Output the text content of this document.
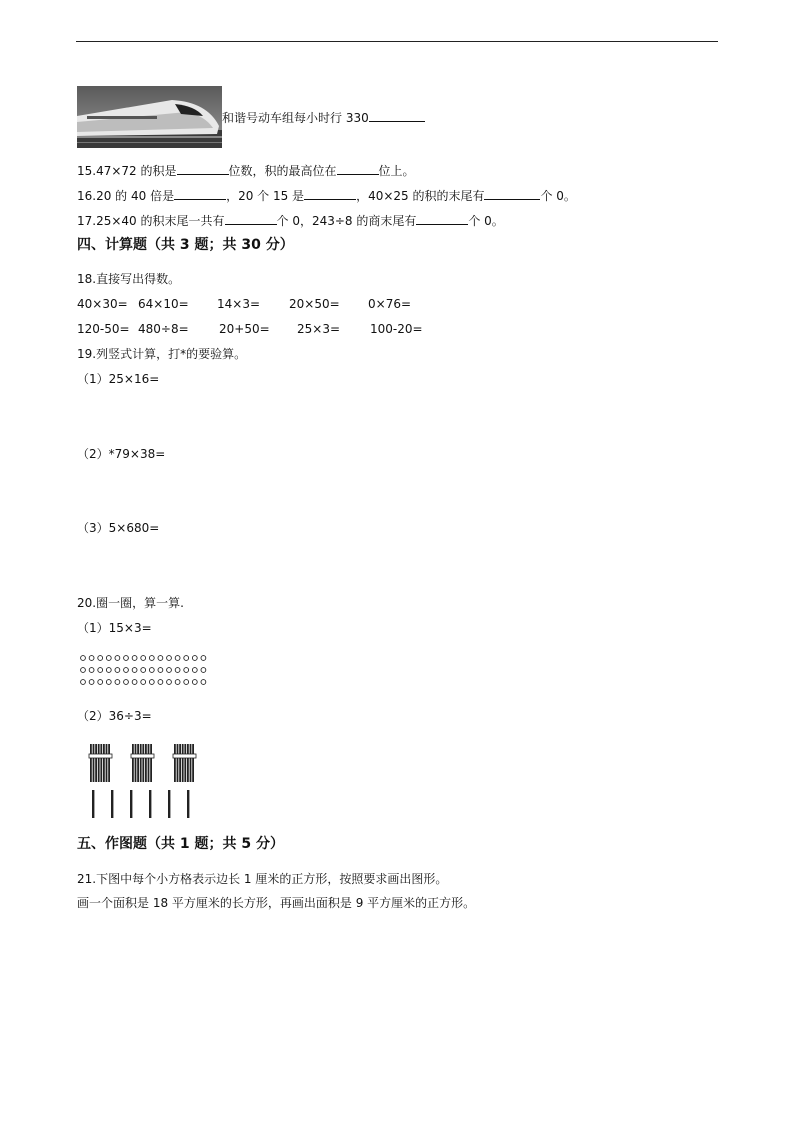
和谐号动车组每小时行 330
15.47×72 的积是	位数，积的最高位在	位上。
16.20 的 40 倍是	，20 个 15 是	，40×25 的积的末尾有	个 0。
17.25×40 的积末尾一共有	个 0，243÷8 的商末尾有	个 0。
四、计算题（共 3 题；共 30 分）
18.直接写出得数。
40×30= 64×10= 14×3= 20×50= 0×76=
120-50= 480÷8=	20+50= 25×3= 100-20=
19.列竖式计算，打*的要验算。
（1）25×16=
（2）*79×38=
（3）5×680=
20.圈一圈，算一算.
（1）15×3=
（2）36÷3=
五、作图题（共 1 题；共 5 分）
21.下图中每个小方格表示边长 1 厘米的正方形，按照要求画出图形。
画一个面积是 18 平方厘米的长方形，再画出面积是 9 平方厘米的正方形。
